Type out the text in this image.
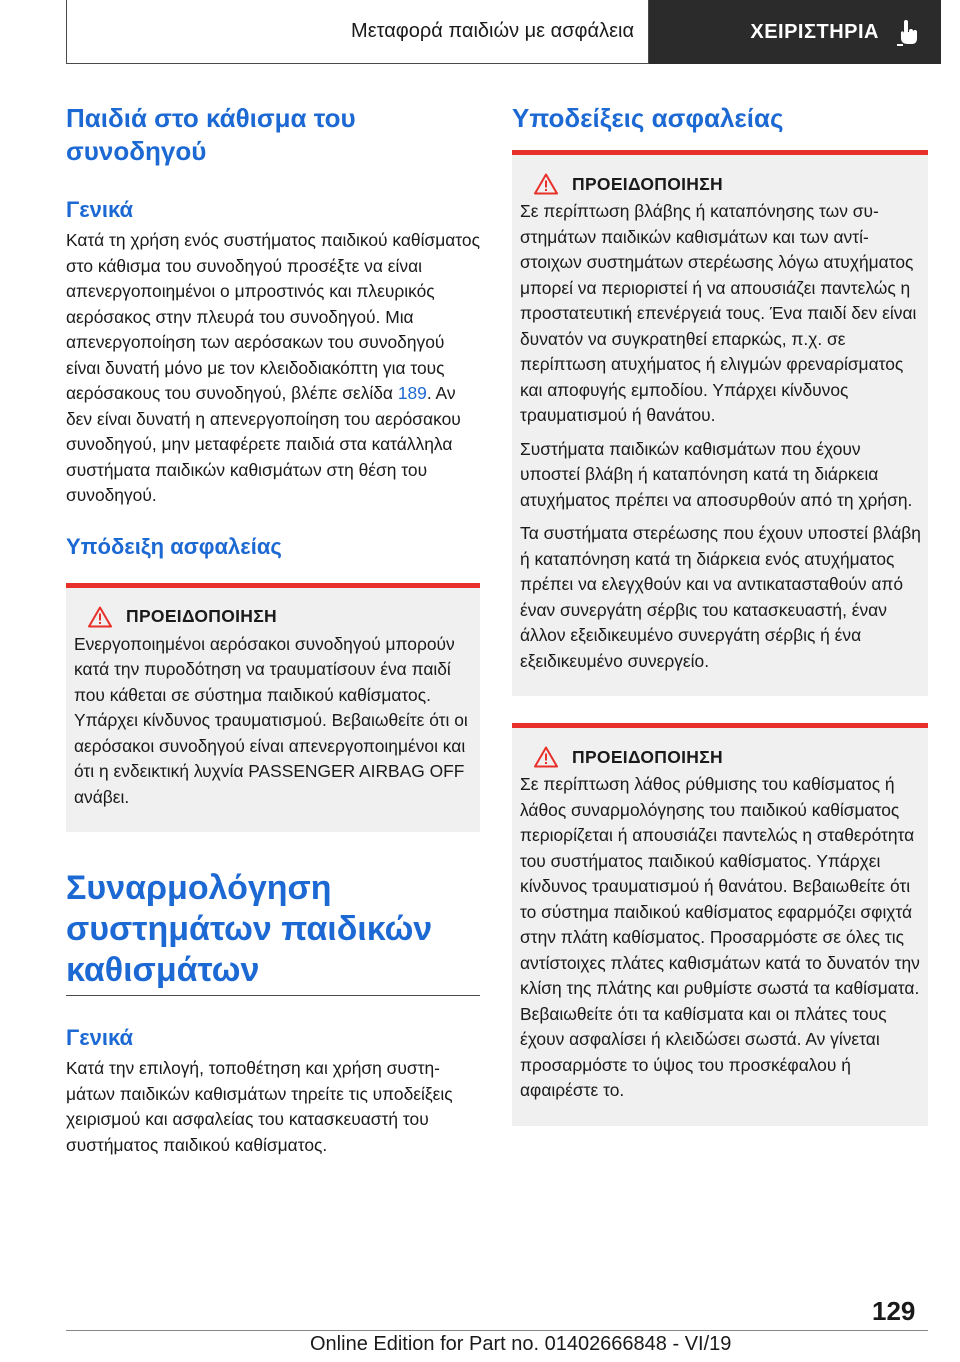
Μεταφορά παιδιών με ασφάλεια	ΧΕΙΡΙΣΤΗΡΙΑ
Παιδιά στο κάθισμα του συνοδηγού
Γενικά

Κατά τη χρήση ενός συστήματος παιδικού καθίσματος στο κάθισμα του συνοδηγού προσέξτε να είναι απενεργοποιημένοι ο μπροστινός και πλευρικός αερόσακος στην πλευρά του συνοδηγού. Μια απενεργοποίηση των αερόσακων του συνοδηγού είναι δυνατή μόνο με τον κλειδοδιακόπτη για τους αερόσακους του συνοδηγού, βλέπε σελίδα 189. Αν δεν είναι δυνατή η απενεργοποίηση του αερόσακου συνοδηγού, μην μεταφέρετε παιδιά στα κατάλληλα συστήματα παιδικών καθισμάτων στη θέση του συνοδηγού.

Υπόδειξη ασφαλείας
ΠΡΟΕΙΔΟΠΟΙΗΣΗ

Ενεργοποιημένοι αερόσακοι συνοδηγού μπορούν κατά την πυροδότηση να τραυματίσουν ένα παιδί που κάθεται σε σύστημα παιδικού καθίσματος. Υπάρχει κίνδυνος τραυματισμού. Βεβαιωθείτε ότι οι αερόσακοι συνοδηγού είναι απενεργοποιημένοι και ότι η ενδεικτική λυχνία PASSENGER AIRBAG OFF ανάβει.

Συναρμολόγηση συστημάτων παιδικών καθισμάτων
Γενικά

Κατά την επιλογή, τοποθέτηση και χρήση συστημάτων παιδικών καθισμάτων τηρείτε τις υποδείξεις χειρισμού και ασφαλείας του κατασκευαστή του συστήματος παιδικού καθίσματος.

Υποδείξεις ασφαλείας
ΠΡΟΕΙΔΟΠΟΙΗΣΗ

Σε περίπτωση βλάβης ή καταπόνησης των συστημάτων παιδικών καθισμάτων και των αντίστοιχων συστημάτων στερέωσης λόγω ατυχήματος μπορεί να περιοριστεί ή να απουσιάζει παντελώς η προστατευτική επενέργειά τους. Ένα παιδί δεν είναι δυνατόν να συγκρατηθεί επαρκώς, π.χ. σε περίπτωση ατυχήματος ή ελιγμών φρεναρίσματος και αποφυγής εμποδίου. Υπάρχει κίνδυνος τραυματισμού ή θανάτου.

Συστήματα παιδικών καθισμάτων που έχουν υποστεί βλάβη ή καταπόνηση κατά τη διάρκεια ατυχήματος πρέπει να αποσυρθούν από τη χρήση.

Τα συστήματα στερέωσης που έχουν υποστεί βλάβη ή καταπόνηση κατά τη διάρκεια ενός ατυχήματος πρέπει να ελεγχθούν και να αντικατασταθούν από έναν συνεργάτη σέρβις του κατασκευαστή, έναν άλλον εξειδικευμένο συνεργάτη σέρβις ή ένα εξειδικευμένο συνεργείο.

ΠΡΟΕΙΔΟΠΟΙΗΣΗ

Σε περίπτωση λάθος ρύθμισης του καθίσματος ή λάθος συναρμολόγησης του παιδικού καθίσματος περιορίζεται ή απουσιάζει παντελώς η σταθερότητα του συστήματος παιδικού καθίσματος. Υπάρχει κίνδυνος τραυματισμού ή θανάτου. Βεβαιωθείτε ότι το σύστημα παιδικού καθίσματος εφαρμόζει σφιχτά στην πλάτη καθίσματος. Προσαρμόστε σε όλες τις αντίστοιχες πλάτες καθισμάτων κατά το δυνατόν την κλίση της πλάτης και ρυθμίστε σωστά τα καθίσματα. Βεβαιωθείτε ότι τα καθίσματα και οι πλάτες τους έχουν ασφαλίσει ή κλειδώσει σωστά. Αν γίνεται προσαρμόστε το ύψος του προσκέφαλου ή αφαιρέστε το.

129
Online Edition for Part no. 01402666848 - VI/19
